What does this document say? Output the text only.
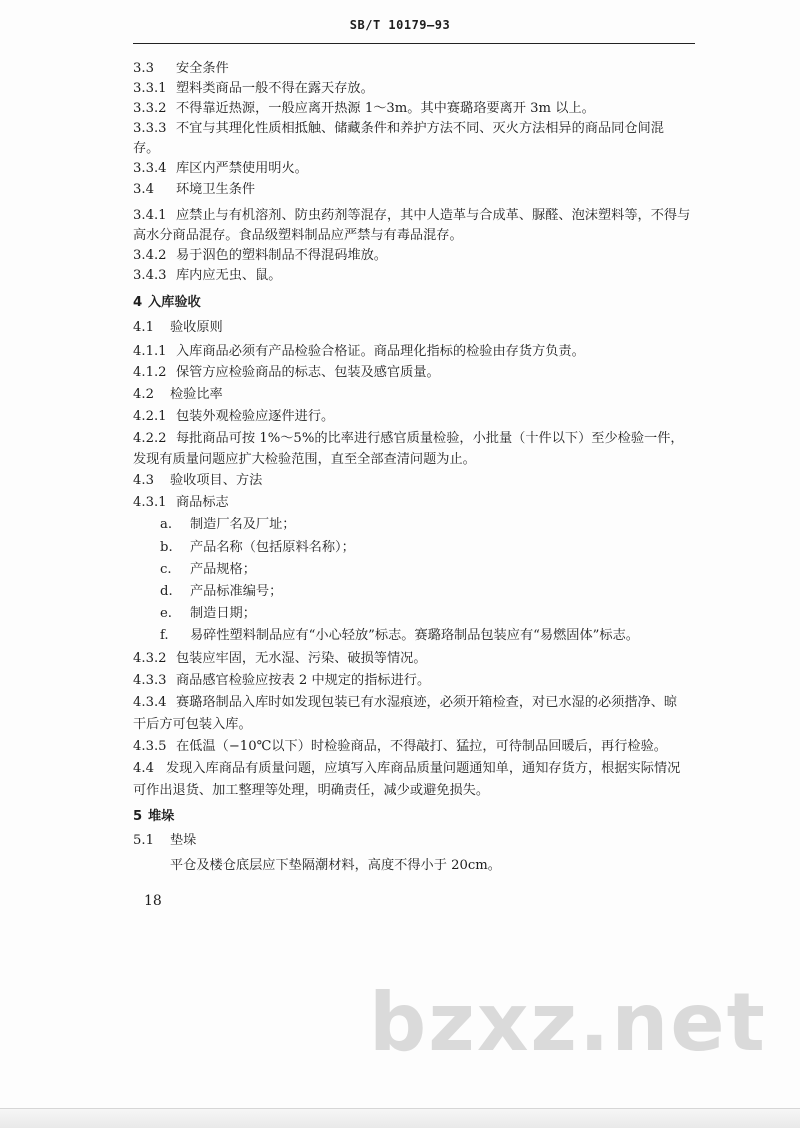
SB/T 10179—93
3.3 安全条件
3.3.1 塑料类商品一般不得在露天存放。
3.3.2 不得靠近热源，一般应离开热源 1～3m。其中赛璐珞要离开 3m 以上。
3.3.3 不宜与其理化性质相抵触、储藏条件和养护方法不同、灭火方法相异的商品同仓间混
存。
3.3.4 库区内严禁使用明火。
3.4 环境卫生条件
3.4.1 应禁止与有机溶剂、防虫药剂等混存，其中人造革与合成革、脲醛、泡沫塑料等，不得与
高水分商品混存。食品级塑料制品应严禁与有毒品混存。
3.4.2 易于泅色的塑料制品不得混码堆放。
3.4.3 库内应无虫、鼠。
4 入库验收
4.1 验收原则
4.1.1 入库商品必须有产品检验合格证。商品理化指标的检验由存货方负责。
4.1.2 保管方应检验商品的标志、包装及感官质量。
4.2 检验比率
4.2.1 包装外观检验应逐件进行。
4.2.2 每批商品可按 1%～5%的比率进行感官质量检验，小批量（十件以下）至少检验一件，
发现有质量问题应扩大检验范围，直至全部查清问题为止。
4.3 验收项目、方法
4.3.1 商品标志
a. 制造厂名及厂址；
b. 产品名称（包括原料名称）；
c. 产品规格；
d. 产品标准编号；
e. 制造日期；
f. 易碎性塑料制品应有“小心轻放”标志。赛璐珞制品包装应有“易燃固体”标志。
4.3.2 包装应牢固，无水湿、污染、破损等情况。
4.3.3 商品感官检验应按表 2 中规定的指标进行。
4.3.4 赛璐珞制品入库时如发现包装已有水湿痕迹，必须开箱检查，对已水湿的必须揩净、晾
干后方可包装入库。
4.3.5 在低温（−10℃以下）时检验商品，不得敲打、猛拉，可待制品回暖后，再行检验。
4.4 发现入库商品有质量问题，应填写入库商品质量问题通知单，通知存货方，根据实际情况
可作出退货、加工整理等处理，明确责任，减少或避免损失。
5 堆垛
5.1 垫垛
平仓及楼仓底层应下垫隔潮材料，高度不得小于 20cm。
18
bzxz.net
